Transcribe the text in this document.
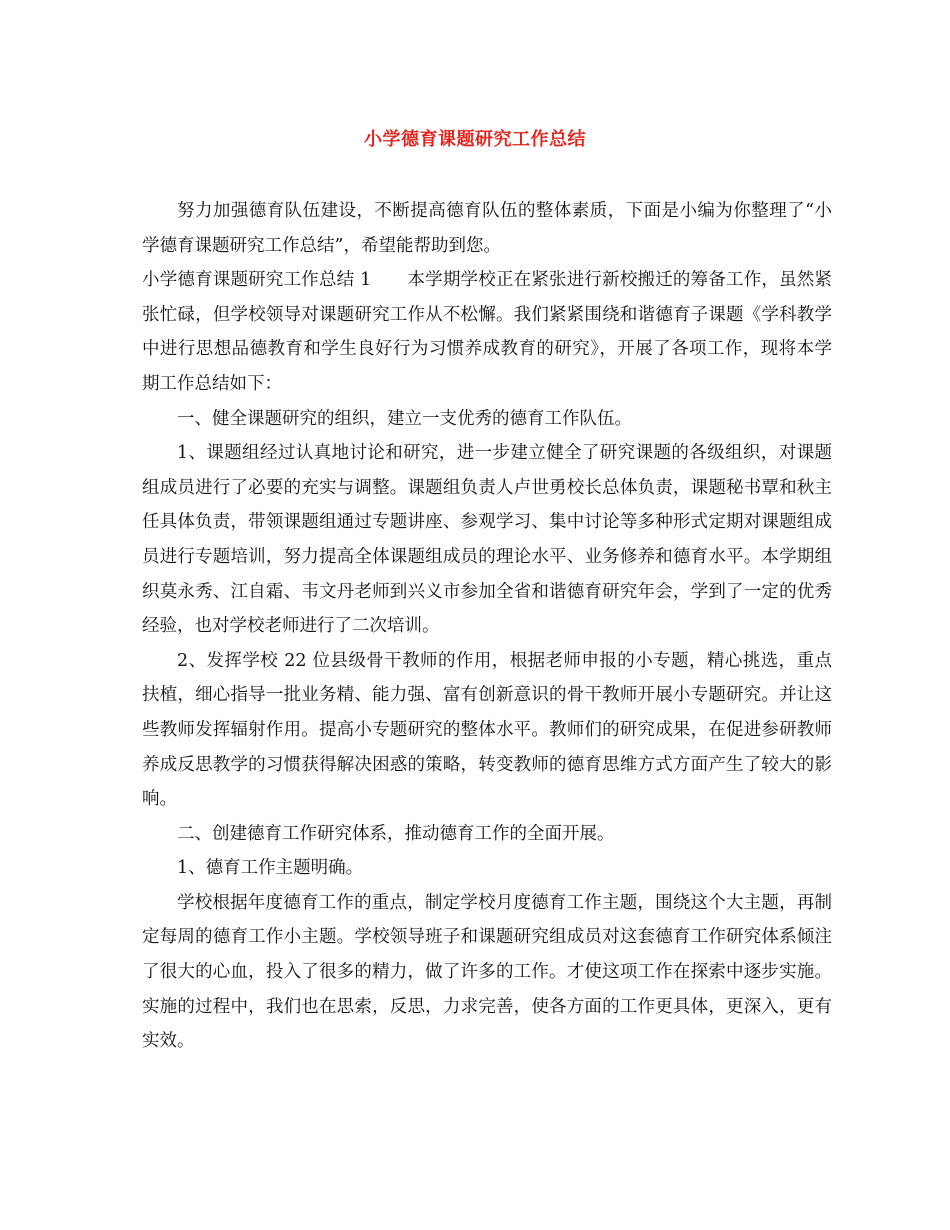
小学德育课题研究工作总结

努力加强德育队伍建设，不断提高德育队伍的整体素质，下面是小编为你整理了“小学德育课题研究工作总结”，希望能帮助到您。

小学德育课题研究工作总结 1 本学期学校正在紧张进行新校搬迁的筹备工作，虽然紧张忙碌，但学校领导对课题研究工作从不松懈。我们紧紧围绕和谐德育子课题《学科教学中进行思想品德教育和学生良好行为习惯养成教育的研究》，开展了各项工作，现将本学期工作总结如下：

一、健全课题研究的组织，建立一支优秀的德育工作队伍。

1、课题组经过认真地讨论和研究，进一步建立健全了研究课题的各级组织，对课题组成员进行了必要的充实与调整。课题组负责人卢世勇校长总体负责，课题秘书覃和秋主任具体负责，带领课题组通过专题讲座、参观学习、集中讨论等多种形式定期对课题组成员进行专题培训，努力提高全体课题组成员的理论水平、业务修养和德育水平。本学期组织莫永秀、江自霜、韦文丹老师到兴义市参加全省和谐德育研究年会，学到了一定的优秀经验，也对学校老师进行了二次培训。

2、发挥学校 22 位县级骨干教师的作用，根据老师申报的小专题，精心挑选，重点扶植，细心指导一批业务精、能力强、富有创新意识的骨干教师开展小专题研究。并让这些教师发挥辐射作用。提高小专题研究的整体水平。教师们的研究成果，在促进参研教师养成反思教学的习惯获得解决困惑的策略，转变教师的德育思维方式方面产生了较大的影响。

二、创建德育工作研究体系，推动德育工作的全面开展。

1、德育工作主题明确。

学校根据年度德育工作的重点，制定学校月度德育工作主题，围绕这个大主题，再制定每周的德育工作小主题。学校领导班子和课题研究组成员对这套德育工作研究体系倾注了很大的心血，投入了很多的精力，做了许多的工作。才使这项工作在探索中逐步实施。实施的过程中，我们也在思索，反思，力求完善，使各方面的工作更具体，更深入，更有实效。
